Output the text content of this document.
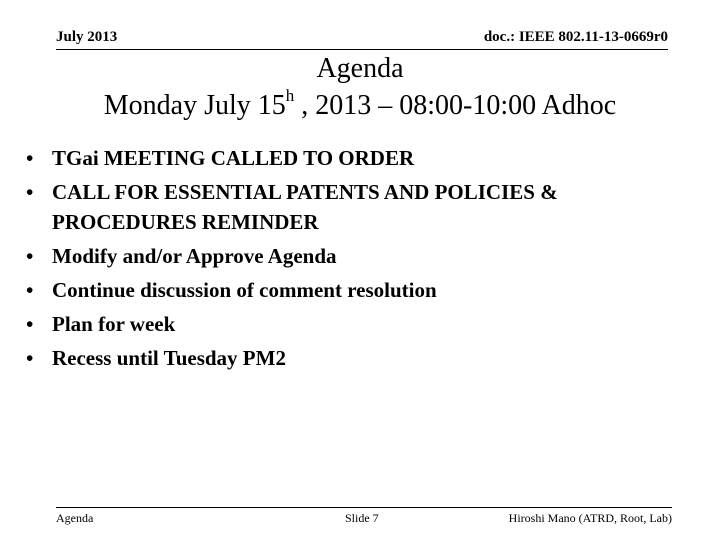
July 2013	doc.: IEEE 802.11-13-0669r0
Agenda
Monday July 15$^h$ , 2013 – 08:00-10:00 Adhoc
• TGai MEETING CALLED TO ORDER
• CALL FOR ESSENTIAL PATENTS AND POLICIES &
PROCEDURES REMINDER
• Modify and/or Approve Agenda
• Continue discussion of comment resolution
• Plan for week
• Recess until Tuesday PM2
Agenda	Slide 7	Hiroshi Mano (ATRD, Root, Lab)
